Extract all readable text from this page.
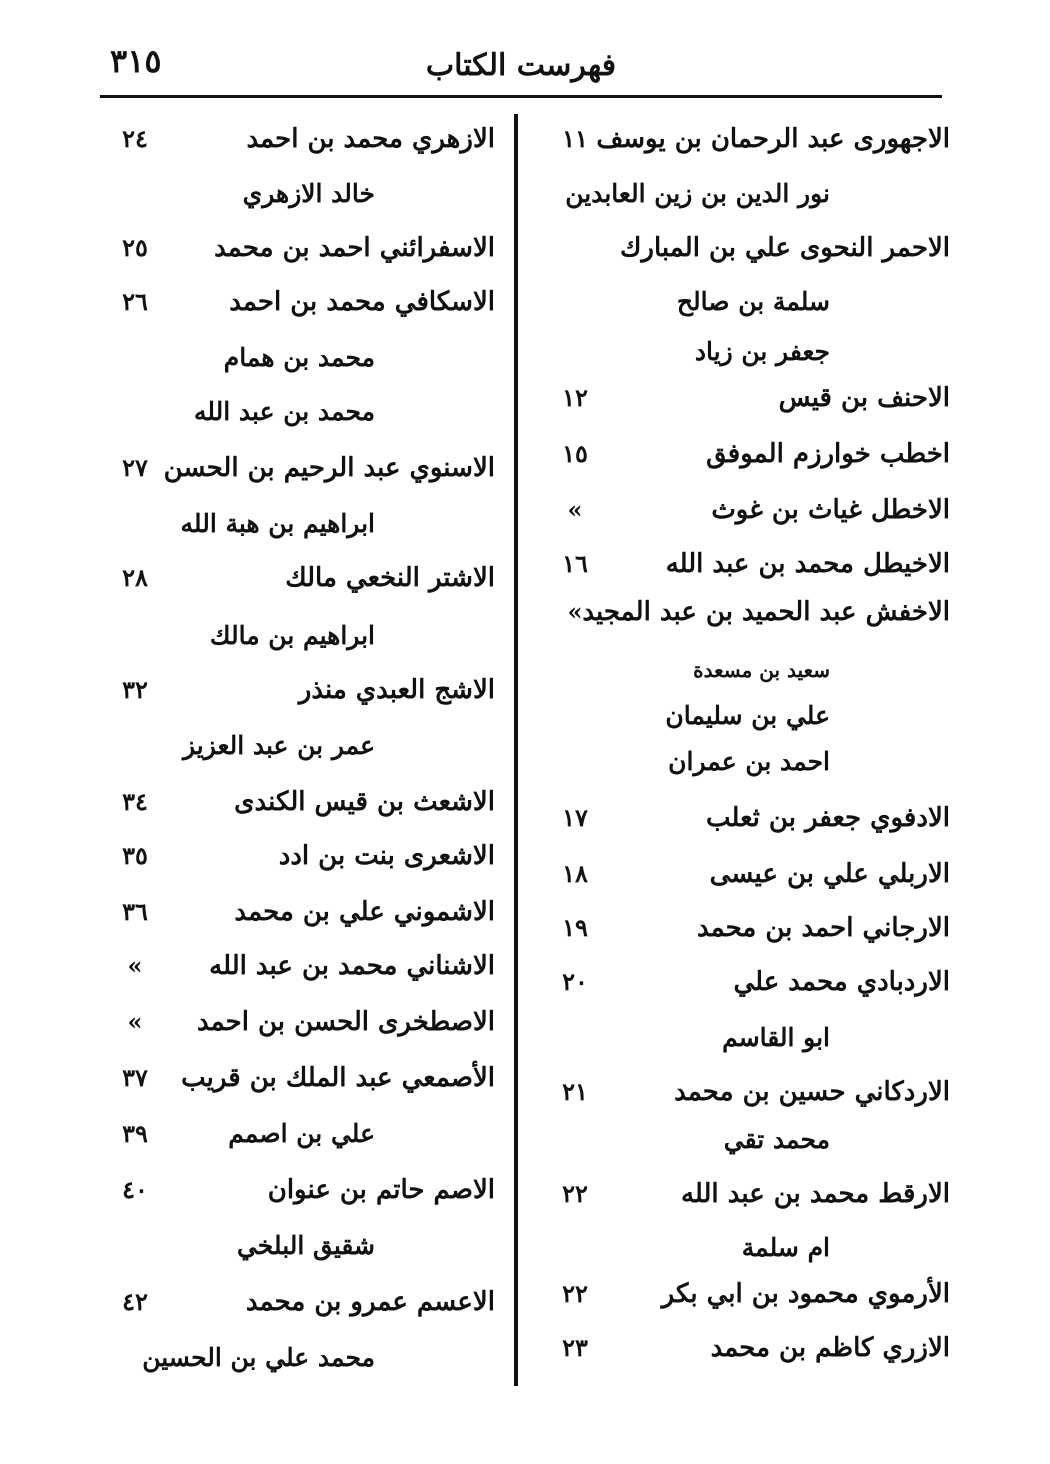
٣١٥	فهرست الكتاب
الاجهورى عبد الرحمان بن يوسف
١١
نور الدين بن زين العابدين
الاحمر النحوى علي بن المبارك
سلمة بن صالح
جعفر بن زياد
الاحنف بن قيس
١٢
اخطب خوارزم الموفق
١٥
الاخطل غياث بن غوث
»
الاخيطل محمد بن عبد الله
١٦
الاخفش عبد الحميد بن عبد المجيد
»
سعيد بن مسعدة
علي بن سليمان
احمد بن عمران
الادفوي جعفر بن ثعلب
١٧
الاربلي علي بن عيسى
١٨
الارجاني احمد بن محمد
١٩
الاردبادي محمد علي
٢٠
ابو القاسم
الاردكاني حسين بن محمد
٢١
محمد تقي
الارقط محمد بن عبد الله
٢٢
ام سلمة
الأرموي محمود بن ابي بكر
٢٢
الازري كاظم بن محمد
٢٣
الازهري محمد بن احمد
٢٤
خالد الازهري
الاسفرائني احمد بن محمد
٢٥
الاسكافي محمد بن احمد
٢٦
محمد بن همام
محمد بن عبد الله
الاسنوي عبد الرحيم بن الحسن
٢٧
ابراهيم بن هبة الله
الاشتر النخعي مالك
٢٨
ابراهيم بن مالك
الاشج العبدي منذر
٣٢
عمر بن عبد العزيز
الاشعث بن قيس الكندى
٣٤
الاشعرى بنت بن ادد
٣٥
الاشموني علي بن محمد
٣٦
الاشناني محمد بن عبد الله
»
الاصطخرى الحسن بن احمد
»
الأصمعي عبد الملك بن قريب
٣٧
علي بن اصمم
٣٩
الاصم حاتم بن عنوان
٤٠
شقيق البلخي
الاعسم عمرو بن محمد
٤٢
محمد علي بن الحسين
